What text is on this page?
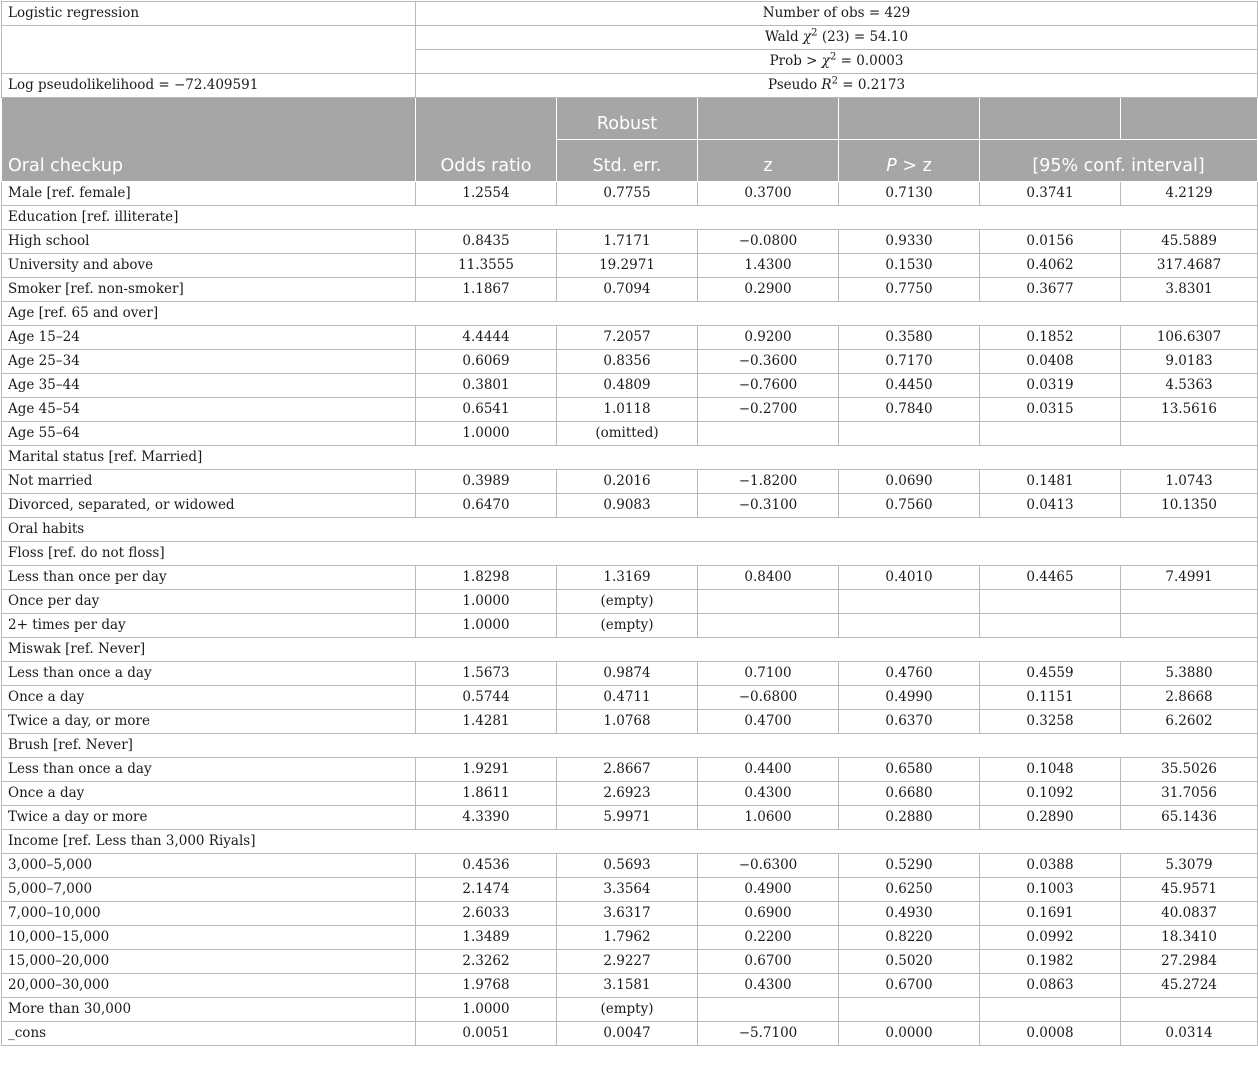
Logistic regression	Number of obs = 429					
	Wald $\chi^2$ (23) = 54.10					
	Prob > $\chi^2 = 0.0003$					
Log pseudolikelihood = −72.409591	Pseudo $R^2 = 0.2173$					
Oral checkup	Odds ratio	Robust				
		Std. err.	z	P > z	[95% conf. interval]	
Male [ref. female]	1.2554	0.7755	0.3700	0.7130	0.3741	4.2129
Education [ref. illiterate]						
High school	0.8435	1.7171	−0.0800	0.9330	0.0156	45.5889
University and above	11.3555	19.2971	1.4300	0.1530	0.4062	317.4687
Smoker [ref. non-smoker]	1.1867	0.7094	0.2900	0.7750	0.3677	3.8301
Age [ref. 65 and over]						
Age 15–24	4.4444	7.2057	0.9200	0.3580	0.1852	106.6307
Age 25–34	0.6069	0.8356	−0.3600	0.7170	0.0408	9.0183
Age 35–44	0.3801	0.4809	−0.7600	0.4450	0.0319	4.5363
Age 45–54	0.6541	1.0118	−0.2700	0.7840	0.0315	13.5616
Age 55–64	1.0000	(omitted)				
Marital status [ref. Married]						
Not married	0.3989	0.2016	−1.8200	0.0690	0.1481	1.0743
Divorced, separated, or widowed	0.6470	0.9083	−0.3100	0.7560	0.0413	10.1350
Oral habits						
Floss [ref. do not floss]						
Less than once per day	1.8298	1.3169	0.8400	0.4010	0.4465	7.4991
Once per day	1.0000	(empty)				
2+ times per day	1.0000	(empty)				
Miswak [ref. Never]						
Less than once a day	1.5673	0.9874	0.7100	0.4760	0.4559	5.3880
Once a day	0.5744	0.4711	−0.6800	0.4990	0.1151	2.8668
Twice a day, or more	1.4281	1.0768	0.4700	0.6370	0.3258	6.2602
Brush [ref. Never]						
Less than once a day	1.9291	2.8667	0.4400	0.6580	0.1048	35.5026
Once a day	1.8611	2.6923	0.4300	0.6680	0.1092	31.7056
Twice a day or more	4.3390	5.9971	1.0600	0.2880	0.2890	65.1436
Income [ref. Less than 3,000 Riyals]						
3,000–5,000	0.4536	0.5693	−0.6300	0.5290	0.0388	5.3079
5,000–7,000	2.1474	3.3564	0.4900	0.6250	0.1003	45.9571
7,000–10,000	2.6033	3.6317	0.6900	0.4930	0.1691	40.0837
10,000–15,000	1.3489	1.7962	0.2200	0.8220	0.0992	18.3410
15,000–20,000	2.3262	2.9227	0.6700	0.5020	0.1982	27.2984
20,000–30,000	1.9768	3.1581	0.4300	0.6700	0.0863	45.2724
More than 30,000	1.0000	(empty)				
_cons	0.0051	0.0047	−5.7100	0.0000	0.0008	0.0314
